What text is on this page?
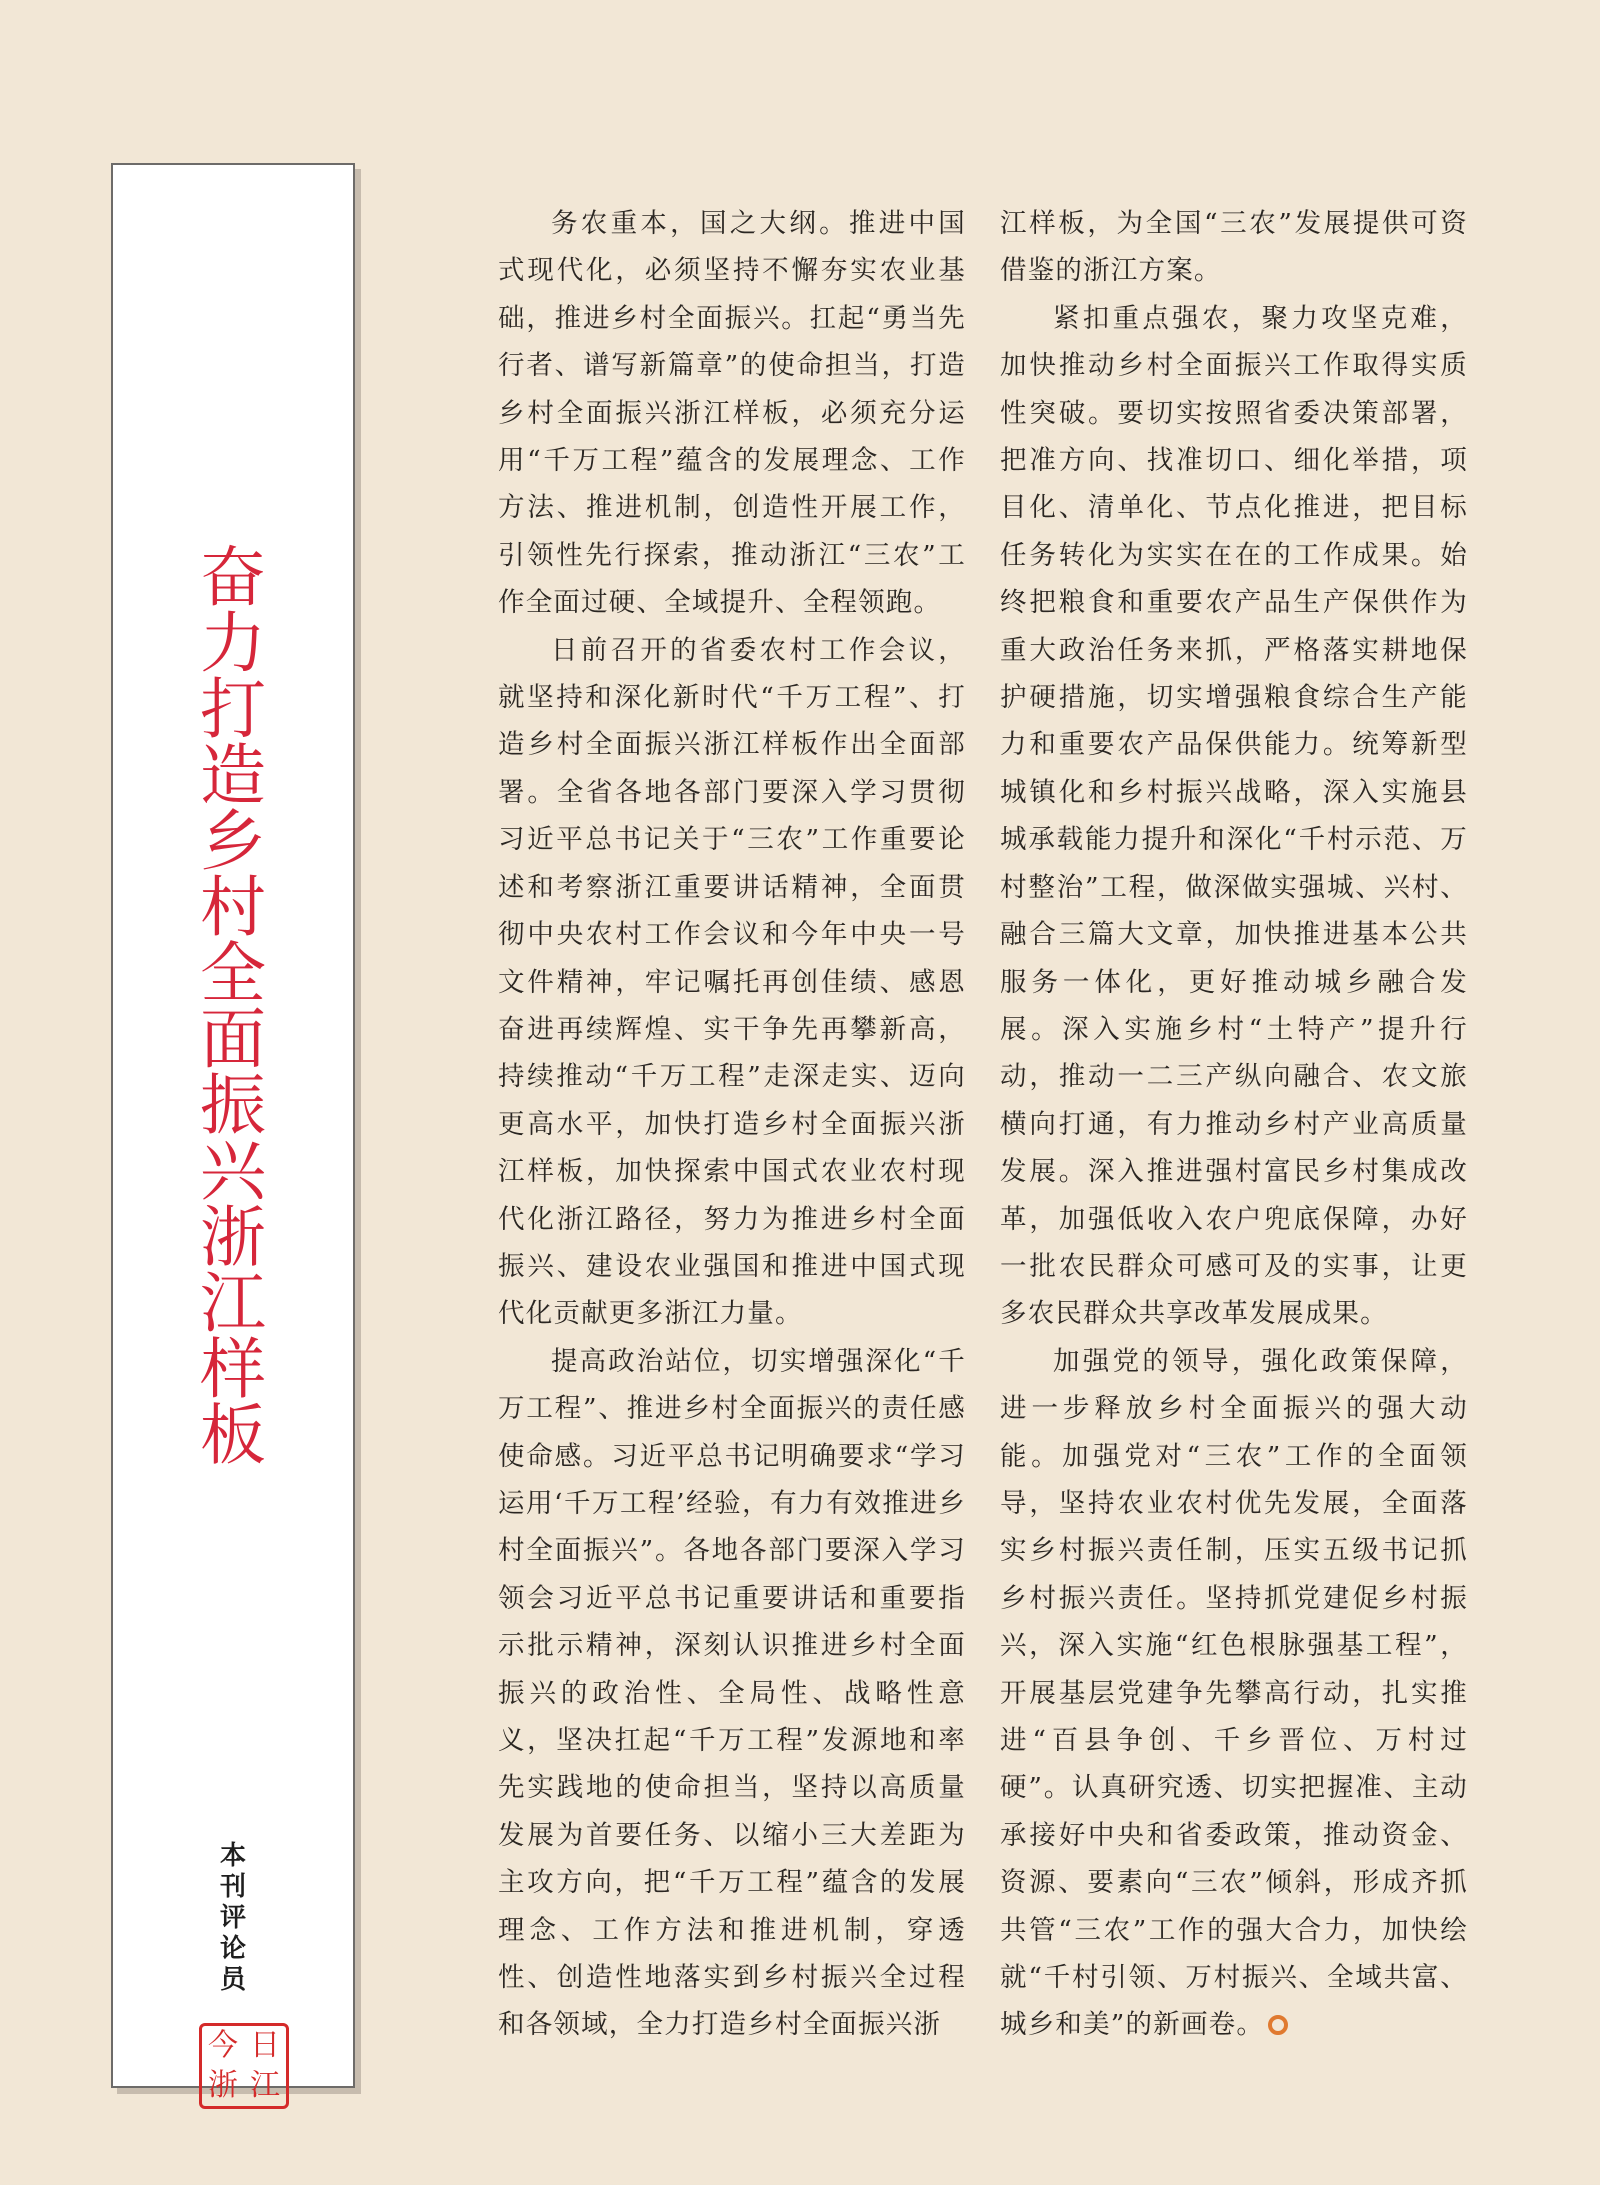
奋
力
打
造
乡
村
全
面
振
兴
浙
江
样
板
本
刊
评
论
员
今 日
浙 江

务农重本，国之大纲。推进中国式现代化，必须坚持不懈夯实农业基础，推进乡村全面振兴。扛起“勇当先行者、谱写新篇章”的使命担当，打造乡村全面振兴浙江样板，必须充分运用“千万工程”蕴含的发展理念、工作方法、推进机制，创造性开展工作，引领性先行探索，推动浙江“三农”工作全面过硬、全域提升、全程领跑。

日前召开的省委农村工作会议，就坚持和深化新时代“千万工程”、打造乡村全面振兴浙江样板作出全面部署。全省各地各部门要深入学习贯彻习近平总书记关于“三农”工作重要论述和考察浙江重要讲话精神，全面贯彻中央农村工作会议和今年中央一号文件精神，牢记嘱托再创佳绩、感恩奋进再续辉煌、实干争先再攀新高，持续推动“千万工程”走深走实、迈向更高水平，加快打造乡村全面振兴浙江样板，加快探索中国式农业农村现代化浙江路径，努力为推进乡村全面振兴、建设农业强国和推进中国式现代化贡献更多浙江力量。

提高政治站位，切实增强深化“千万工程”、推进乡村全面振兴的责任感使命感。习近平总书记明确要求“学习运用‘千万工程’经验，有力有效推进乡村全面振兴”。各地各部门要深入学习领会习近平总书记重要讲话和重要指示批示精神，深刻认识推进乡村全面振兴的政治性、全局性、战略性意义，坚决扛起“千万工程”发源地和率先实践地的使命担当，坚持以高质量发展为首要任务、以缩小三大差距为主攻方向，把“千万工程”蕴含的发展理念、工作方法和推进机制，穿透性、创造性地落实到乡村振兴全过程和各领域，全力打造乡村全面振兴浙

江样板，为全国“三农”发展提供可资借鉴的浙江方案。

紧扣重点强农，聚力攻坚克难，加快推动乡村全面振兴工作取得实质性突破。要切实按照省委决策部署，把准方向、找准切口、细化举措，项目化、清单化、节点化推进，把目标任务转化为实实在在的工作成果。始终把粮食和重要农产品生产保供作为重大政治任务来抓，严格落实耕地保护硬措施，切实增强粮食综合生产能力和重要农产品保供能力。统筹新型城镇化和乡村振兴战略，深入实施县城承载能力提升和深化“千村示范、万村整治”工程，做深做实强城、兴村、融合三篇大文章，加快推进基本公共服务一体化，更好推动城乡融合发展。深入实施乡村“土特产”提升行动，推动一二三产纵向融合、农文旅横向打通，有力推动乡村产业高质量发展。深入推进强村富民乡村集成改革，加强低收入农户兜底保障，办好一批农民群众可感可及的实事，让更多农民群众共享改革发展成果。

加强党的领导，强化政策保障，进一步释放乡村全面振兴的强大动能。加强党对“三农”工作的全面领导，坚持农业农村优先发展，全面落实乡村振兴责任制，压实五级书记抓乡村振兴责任。坚持抓党建促乡村振兴，深入实施“红色根脉强基工程”，开展基层党建争先攀高行动，扎实推进“百县争创、千乡晋位、万村过硬”。认真研究透、切实把握准、主动承接好中央和省委政策，推动资金、资源、要素向“三农”倾斜，形成齐抓共管“三农”工作的强大合力，加快绘就“千村引领、万村振兴、全域共富、城乡和美”的新画卷。
